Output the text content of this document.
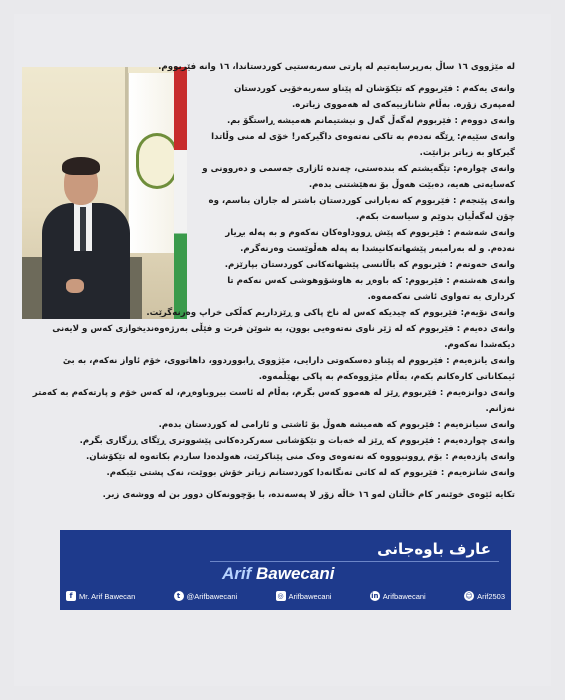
لە مێژووی ١٦ ساڵ بەرپرسایەتیم لە پارتی سەربەستیی کوردستاندا، ١٦ وانە فێربووم.

وانەی یەکەم : فێربووم کە تێکۆشان لە پێناو سەربەخۆیی کوردستان لەمپەری زۆرە. بەڵام شانازییەکەی لە هەمووی زیاترە.

وانەی دووەم : فێربووم لەگەڵ ‌‌‌‌‌‌‌‌‌‌‌‌‌‌‌‌‌‌‌‌‌‌‌گەل و نیشتیمانم هەمیشە ڕاستگۆ بم.

وانەی سێیەم: ڕێگە نەدەم بە تاکی نەتەوەی داگیرکەر! خۆی لە منی وڵاتدا گیرکاو بە زیاتر بزانێت.

وانەی چوارەم: تێگەیشتم کە بندەستی، چەندە ئازاری جەسمی و دەروونی و کەسایەتی هەیە، دەبێت هەوڵ بۆ نەهێشتنی بدەم.

وانەی پێنجەم : فێربووم کە نەیارانی کوردستان باشتر لە جاران بناسم، وە چۆن لەگەڵیان بدوێم و سیاسەت بکەم.

وانەی شەشەم : فێربووم کە پێش ڕووداوەکان نەکەوم و بە پەلە بڕیار نەدەم. و لە بەرامبەر پێشهاتەکانیشدا بە پەلە هەڵوێست وەرنەگرم.

وانەی حەوتەم : فێربووم کە باڵانسی پێشهاتەکانی کوردستان بپارێزم.

وانەی هەشتەم : فێربووم: کە باوەڕ بە هاوشۆوهوشی کەس نەکەم تا کرداری بە تەواوی ئاشی نەکەمەوە.

وانەی نۆیەم: فێربووم کە چیدیکە کەس لە ناخ پاکی و ڕێزداریم کەڵکی خراپ وەرنەگرێت.

وانەی دەیەم : فێربووم کە لە ژێر ناوی نەتەوەیی بوون، بە شوێن فرت و فێڵی بەرژەوەندیخوازی کەس و لایەنی دیکەشدا نەکەوم.

وانەی یانزەیەم : فێربووم لە پێناو دەسکەوتی دارایی، مێژووی ڕابووردوو، داهاتووی، خۆم ئاواز نەکەم، بە بێ ئیمکاناتی کارەکانم بکەم، بەڵام مێژووەکەم بە پاکی بهێڵمەوە.

وانەی دوانزەیەم : فێربووم ڕێز لە هەموو کەس بگرم، بەڵام لە ئاست بیروباوەڕم، لە کەس خۆم و پارتەکەم بە کەمتر نەزانم.

وانەی سیانزەیەم : فێربووم کە هەمیشە هەوڵ بۆ ئاشتی و ئارامی لە کوردستان بدەم.

وانەی چواردەیەم : فێربووم کە ڕێز لە خەبات و تێکۆشانی سەرکردەکانی پێشووتری ڕێگای ڕزگاری بگرم.

وانەی پازدەیەم : بۆم ڕوونبوووە کە نەتەوەی وەک منی پێناکرێت، هەولدەدا ساردم بکاتەوە لە تێکۆشان.

وانەی شانزەیەم : فێربووم کە لە کاتی تەنگانەدا کوردستانم زیاتر خۆش بووێت، نەک پشتی تێبکەم.

تکایە ئێوەی خوێنەر کام خاڵتان لەو ١٦ خاڵە زۆر لا پەسەندە، با بۆچوونەکان دوور بن لە ووشەی زبر.

عارف باوەجانی
Arif Bawecani
f Mr. Arif Bawecan	t @Arifbawecani	◎ Arifbawecani	in Arifbawecani	☺ Arif2503
